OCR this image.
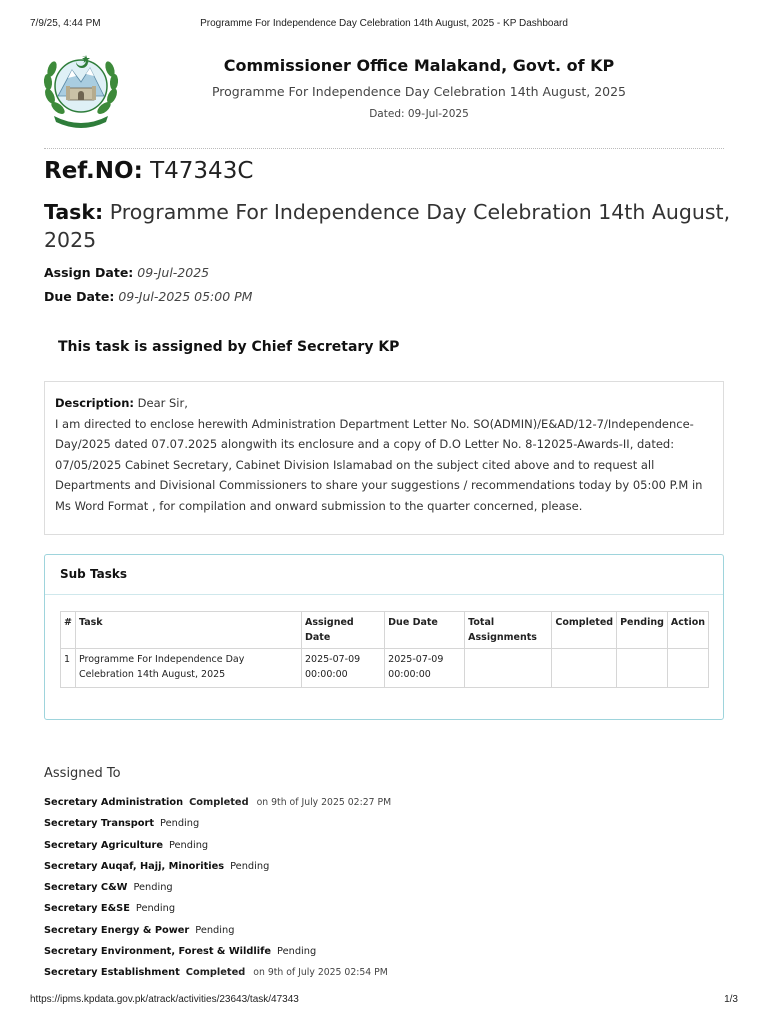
7/9/25, 4:44 PM	Programme For Independence Day Celebration 14th August, 2025 - KP Dashboard
Commissioner Office Malakand, Govt. of KP
Programme For Independence Day Celebration 14th August, 2025
Dated: 09-Jul-2025
Ref.NO: T47343C
Task: Programme For Independence Day Celebration 14th August, 2025
Assign Date: 09-Jul-2025
Due Date: 09-Jul-2025 05:00 PM
This task is assigned by Chief Secretary KP
Description: Dear Sir,
I am directed to enclose herewith Administration Department Letter No. SO(ADMIN)/E&AD/12-7/Independence-Day/2025 dated 07.07.2025 alongwith its enclosure and a copy of D.O Letter No. 8-12025-Awards-II, dated: 07/05/2025 Cabinet Secretary, Cabinet Division Islamabad on the subject cited above and to request all Departments and Divisional Commissioners to share your suggestions / recommendations today by 05:00 P.M in Ms Word Format , for compilation and onward submission to the quarter concerned, please.
Sub Tasks
#	Task	Assigned Date	Due Date	Total Assignments	Completed	Pending	Action
1	Programme For Independence Day Celebration 14th August, 2025	2025-07-09 00:00:00	2025-07-09 00:00:00				
Assigned To
Secretary Administration Completed on 9th of July 2025 02:27 PM
Secretary Transport Pending
Secretary Agriculture Pending
Secretary Auqaf, Hajj, Minorities Pending
Secretary C&W Pending
Secretary E&SE Pending
Secretary Energy & Power Pending
Secretary Environment, Forest & Wildlife Pending
Secretary Establishment Completed on 9th of July 2025 02:54 PM
https://ipms.kpdata.gov.pk/atrack/activities/23643/task/47343	1/3
